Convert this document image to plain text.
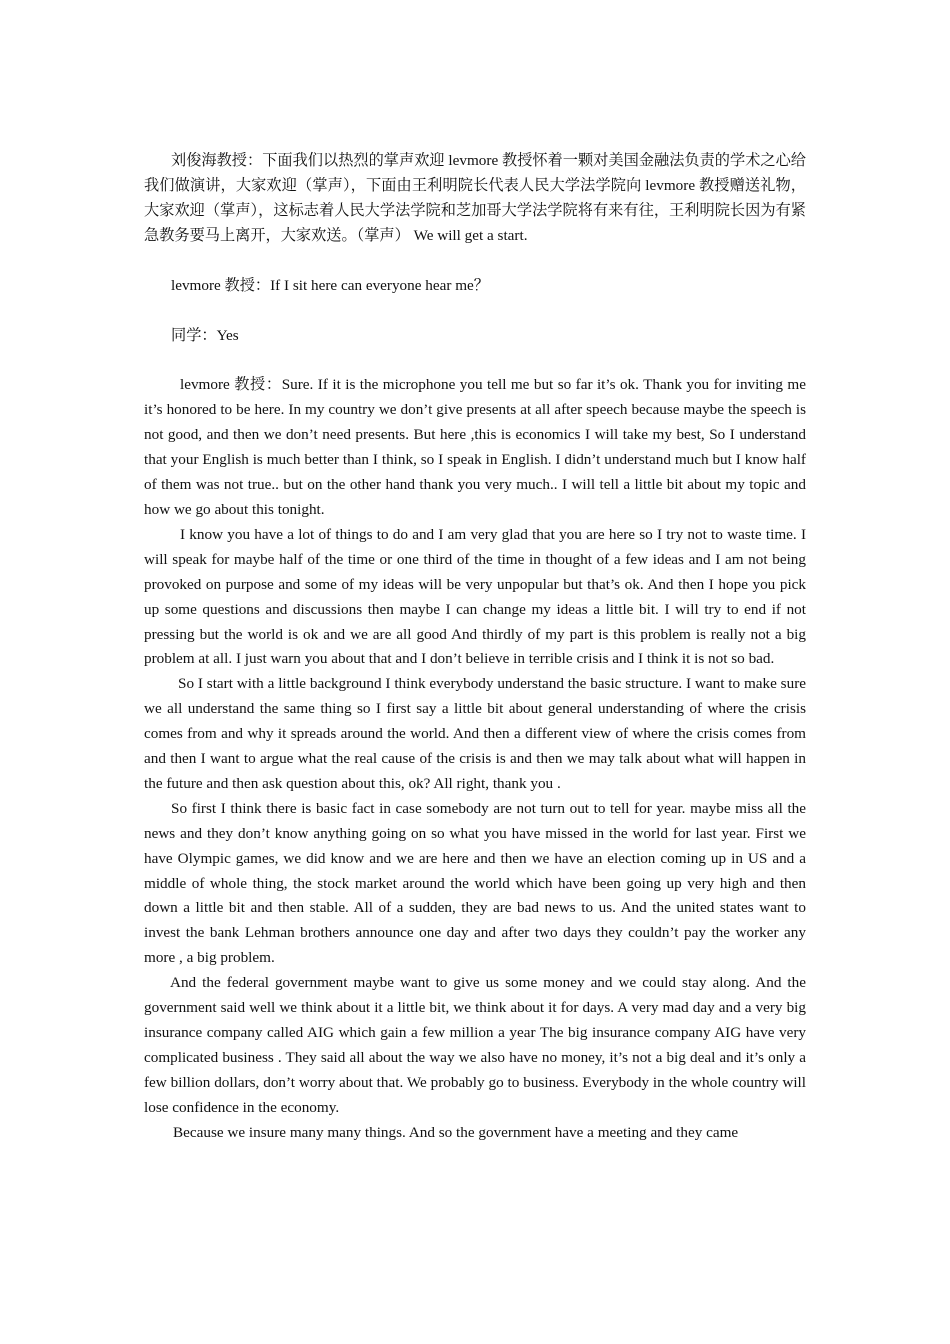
刘俊海教授：下面我们以热烈的掌声欢迎 levmore 教授怀着一颗对美国金融法负责的学术之心给我们做演讲，大家欢迎（掌声），下面由王利明院长代表人民大学法学院向 levmore 教授赠送礼物，大家欢迎（掌声），这标志着人民大学法学院和芝加哥大学法学院将有来有往，王利明院长因为有紧急教务要马上离开，大家欢送。（掌声） We will get a start.

levmore 教授：If I sit here can everyone hear me？

同学：Yes

levmore 教授：Sure. If it is the microphone you tell me but so far it’s ok. Thank you for inviting me it’s honored to be here. In my country we don’t give presents at all after speech because maybe the speech is not good, and then we don’t need presents. But here ,this is economics I will take my best, So I understand that your English is much better than I think, so I speak in English. I didn’t understand much but I know half of them was not true.. but on the other hand thank you very much.. I will tell a little bit about my topic and how we go about this tonight.

I know you have a lot of things to do and I am very glad that you are here so I try not to waste time. I will speak for maybe half of the time or one third of the time in thought of a few ideas and I am not being provoked on purpose and some of my ideas will be very unpopular but that’s ok. And then I hope you pick up some questions and discussions then maybe I can change my ideas a little bit. I will try to end if not pressing but the world is ok and we are all good And thirdly of my part is this problem is really not a big problem at all. I just warn you about that and I don’t believe in terrible crisis and I think it is not so bad.

So I start with a little background I think everybody understand the basic structure. I want to make sure we all understand the same thing so I first say a little bit about general understanding of where the crisis comes from and why it spreads around the world. And then a different view of where the crisis comes from and then I want to argue what the real cause of the crisis is and then we may talk about what will happen in the future and then ask question about this, ok? All right, thank you .

So first I think there is basic fact in case somebody are not turn out to tell for year. maybe miss all the news and they don’t know anything going on so what you have missed in the world for last year. First we have Olympic games, we did know and we are here and then we have an election coming up in US and a middle of whole thing, the stock market around the world which have been going up very high and then down a little bit and then stable. All of a sudden, they are bad news to us. And the united states want to invest the bank Lehman brothers announce one day and after two days they couldn’t pay the worker any more , a big problem.

And the federal government maybe want to give us some money and we could stay along. And the government said well we think about it a little bit, we think about it for days. A very mad day and a very big insurance company called AIG which gain a few million a year The big insurance company AIG have very complicated business . They said all about the way we also have no money, it’s not a big deal and it’s only a few billion dollars, don’t worry about that. We probably go to business. Everybody in the whole country will lose confidence in the economy.

Because we insure many many things. And so the government have a meeting and they came
